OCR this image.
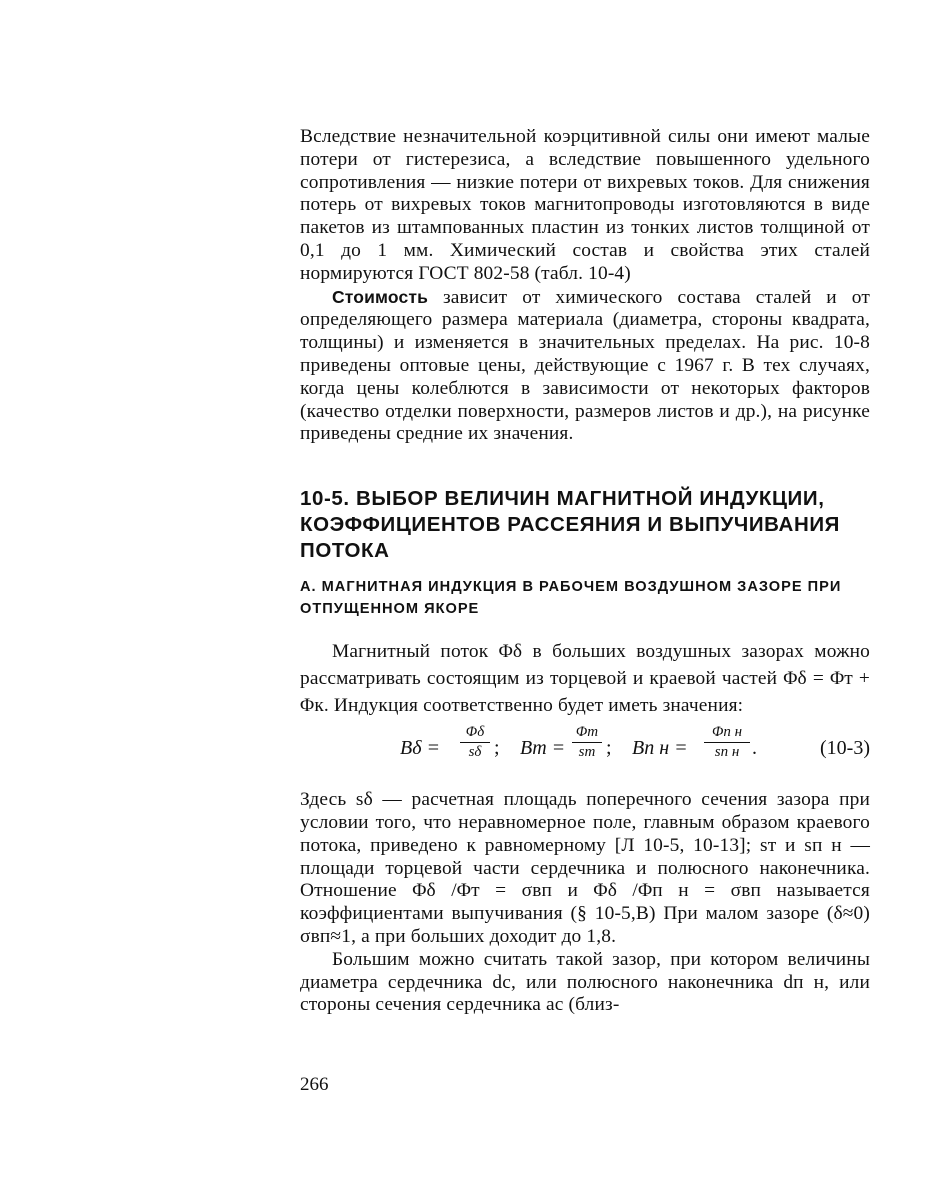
Вследствие незначительной коэрцитивной силы они имеют малые потери от гистерезиса, а вследствие повышенного удельного сопротивления — низкие потери от вихревых токов. Для снижения потерь от вихревых токов магнитопроводы изготовляются в виде пакетов из штампованных пластин из тонких листов толщиной от 0,1 до 1 мм. Химический состав и свойства этих сталей нормируются ГОСТ 802-58 (табл. 10-4)

Стоимость зависит от химического состава сталей и от определяющего размера материала (диаметра, стороны квадрата, толщины) и изменяется в значительных пределах. На рис. 10-8 приведены оптовые цены, действующие с 1967 г. В тех случаях, когда цены колеблются в зависимости от некоторых факторов (качество отделки поверхности, размеров листов и др.), на рисунке приведены средние их значения.

10-5. ВЫБОР ВЕЛИЧИН МАГНИТНОЙ ИНДУКЦИИ, КОЭФФИЦИЕНТОВ РАССЕЯНИЯ И ВЫПУЧИВАНИЯ ПОТОКА
А. МАГНИТНАЯ ИНДУКЦИЯ В РАБОЧЕМ ВОЗДУШНОМ ЗАЗОРЕ ПРИ ОТПУЩЕННОМ ЯКОРЕ

Магнитный поток Φδ в больших воздушных зазорах можно рассматривать состоящим из торцевой и краевой частей Φδ = Φт + Φк. Индукция соответственно будет иметь значения:

Bδ =
Φδ
sδ ; Bт =
Φт
sт ; Bп н =
Φп н
sп н .	(10-3)

Здесь sδ — расчетная площадь поперечного сечения зазора при условии того, что неравномерное поле, главным образом краевого потока, приведено к равномерному [Л 10-5, 10-13]; sт и sп н — площади торцевой части сердечника и полюсного наконечника. Отношение Φδ /Φт = σвп и Φδ /Φп н = σвп называется коэффициентами выпучивания (§ 10-5,В) При малом зазоре (δ≈0) σвп≈1, а при больших доходит до 1,8.

Большим можно считать такой зазор, при котором величины диаметра сердечника dс, или полюсного наконечника dп н, или стороны сечения сердечника aс (близ-

266
